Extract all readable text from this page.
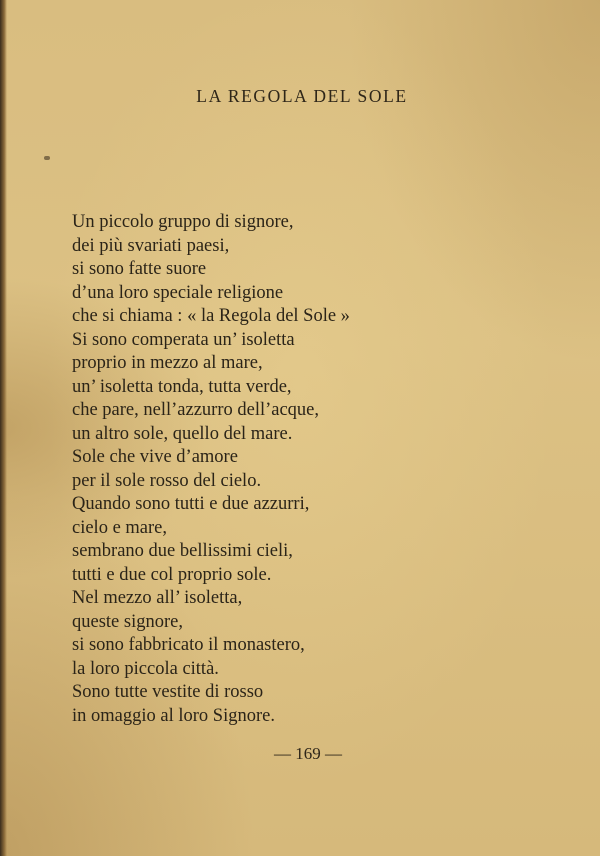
LA REGOLA DEL SOLE
Un piccolo gruppo di signore,
dei più svariati paesi,
si sono fatte suore
d’una loro speciale religione
che si chiama : « la Regola del Sole »
Si sono comperata un’ isoletta
proprio in mezzo al mare,
un’ isoletta tonda, tutta verde,
che pare, nell’azzurro dell’acque,
un altro sole, quello del mare.
Sole che vive d’amore
per il sole rosso del cielo.
Quando sono tutti e due azzurri,
cielo e mare,
sembrano due bellissimi cieli,
tutti e due col proprio sole.
Nel mezzo all’ isoletta,
queste signore,
si sono fabbricato il monastero,
la loro piccola città.
Sono tutte vestite di rosso
in omaggio al loro Signore.
— 169 —
